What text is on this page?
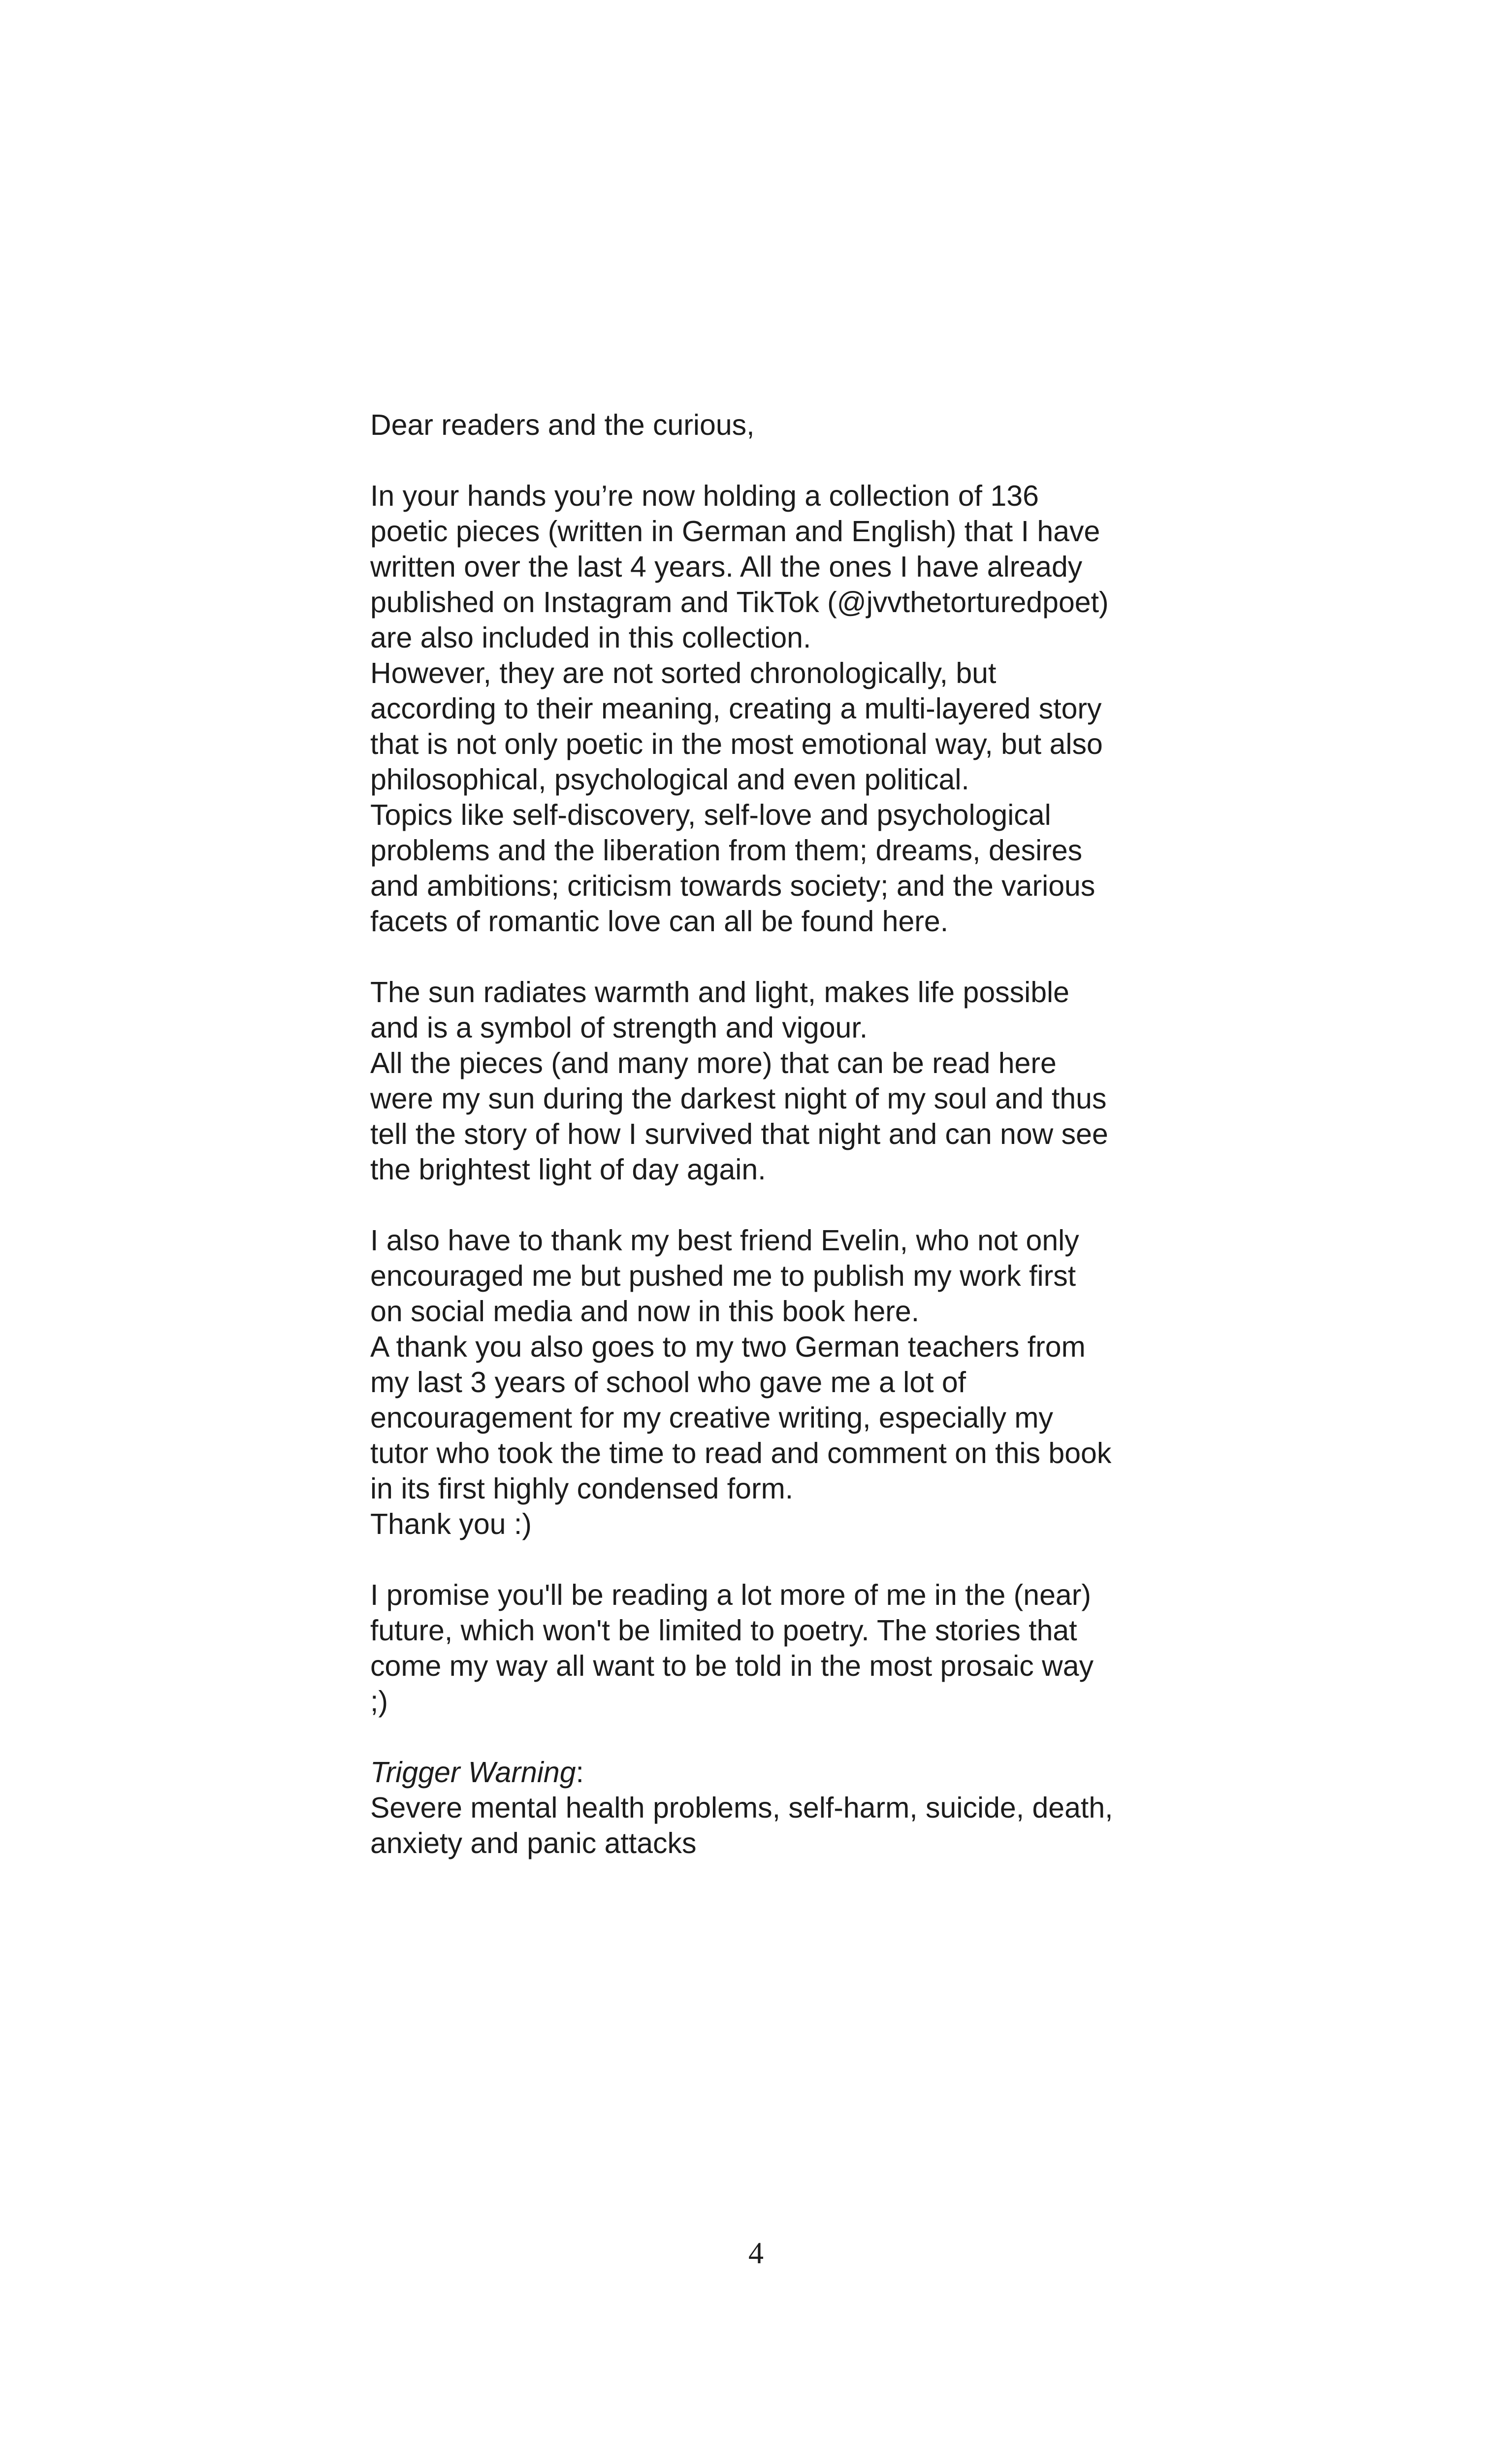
Dear readers and the curious,
In your hands you’re now holding a collection of 136
poetic pieces (written in German and English) that I have
written over the last 4 years. All the ones I have already
published on Instagram and TikTok (@jvvthetorturedpoet)
are also included in this collection.
However, they are not sorted chronologically, but
according to their meaning, creating a multi-layered story
that is not only poetic in the most emotional way, but also
philosophical, psychological and even political.
Topics like self-discovery, self-love and psychological
problems and the liberation from them; dreams, desires
and ambitions; criticism towards society; and the various
facets of romantic love can all be found here.
The sun radiates warmth and light, makes life possible
and is a symbol of strength and vigour.
All the pieces (and many more) that can be read here
were my sun during the darkest night of my soul and thus
tell the story of how I survived that night and can now see
the brightest light of day again.
I also have to thank my best friend Evelin, who not only
encouraged me but pushed me to publish my work first
on social media and now in this book here.
A thank you also goes to my two German teachers from
my last 3 years of school who gave me a lot of
encouragement for my creative writing, especially my
tutor who took the time to read and comment on this book
in its first highly condensed form.
Thank you :)
I promise you'll be reading a lot more of me in the (near)
future, which won't be limited to poetry. The stories that
come my way all want to be told in the most prosaic way
;)
Trigger Warning:
Severe mental health problems, self-harm, suicide, death,
anxiety and panic attacks
4
